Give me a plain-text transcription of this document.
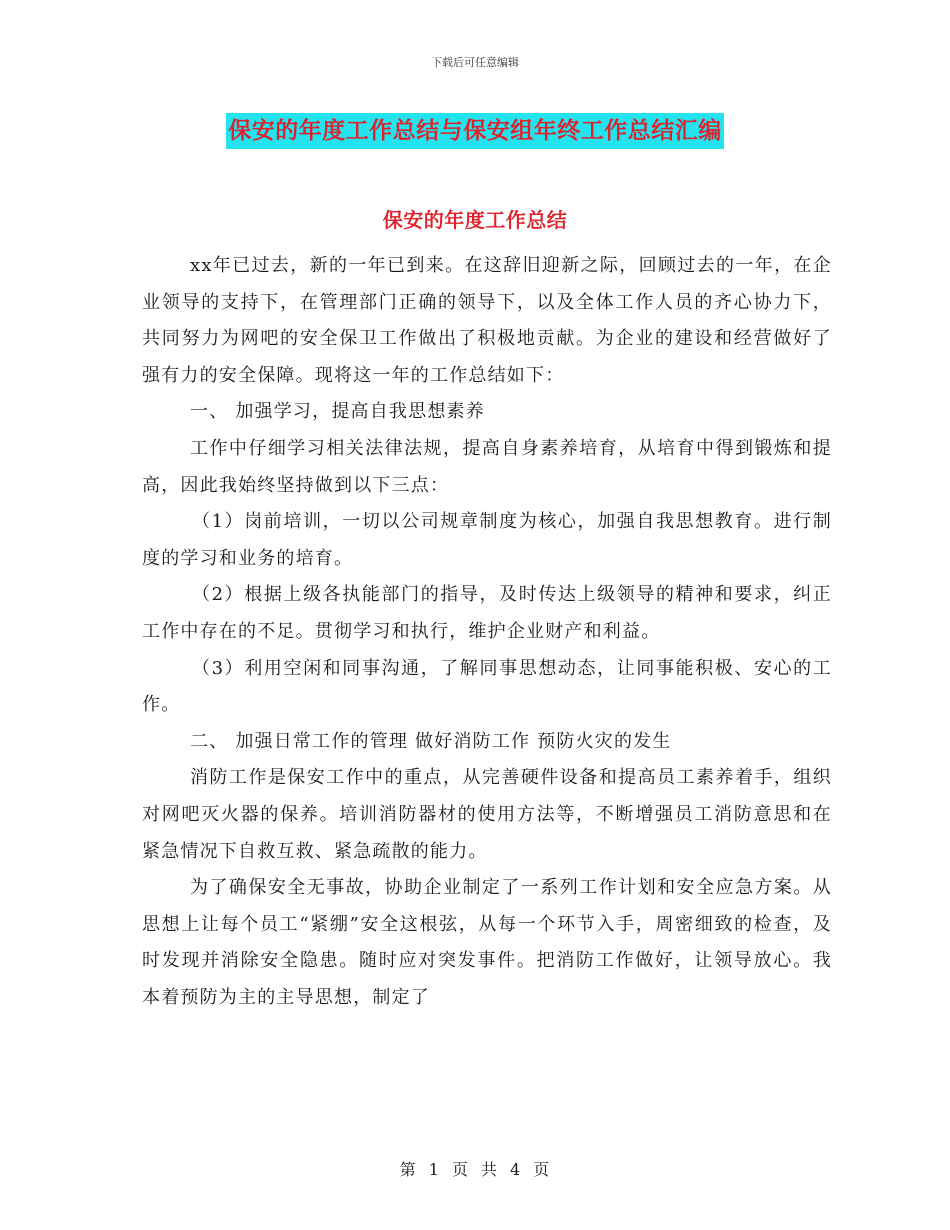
下载后可任意编辑
保安的年度工作总结与保安组年终工作总结汇编
保安的年度工作总结

xx年已过去，新的一年已到来。在这辞旧迎新之际，回顾过去的一年，在企业领导的支持下，在管理部门正确的领导下，以及全体工作人员的齐心协力下，共同努力为网吧的安全保卫工作做出了积极地贡献。为企业的建设和经营做好了强有力的安全保障。现将这一年的工作总结如下：

一、 加强学习，提高自我思想素养

工作中仔细学习相关法律法规，提高自身素养培育，从培育中得到锻炼和提高，因此我始终坚持做到以下三点：

（1）岗前培训，一切以公司规章制度为核心，加强自我思想教育。进行制度的学习和业务的培育。

（2）根据上级各执能部门的指导，及时传达上级领导的精神和要求，纠正工作中存在的不足。贯彻学习和执行，维护企业财产和利益。

（3）利用空闲和同事沟通，了解同事思想动态，让同事能积极、安心的工作。

二、 加强日常工作的管理 做好消防工作 预防火灾的发生

消防工作是保安工作中的重点，从完善硬件设备和提高员工素养着手，组织对网吧灭火器的保养。培训消防器材的使用方法等，不断增强员工消防意思和在紧急情况下自救互救、紧急疏散的能力。

为了确保安全无事故，协助企业制定了一系列工作计划和安全应急方案。从思想上让每个员工“紧绷”安全这根弦，从每一个环节入手，周密细致的检查，及时发现并消除安全隐患。随时应对突发事件。把消防工作做好，让领导放心。我本着预防为主的主导思想，制定了

第 1 页 共 4 页
